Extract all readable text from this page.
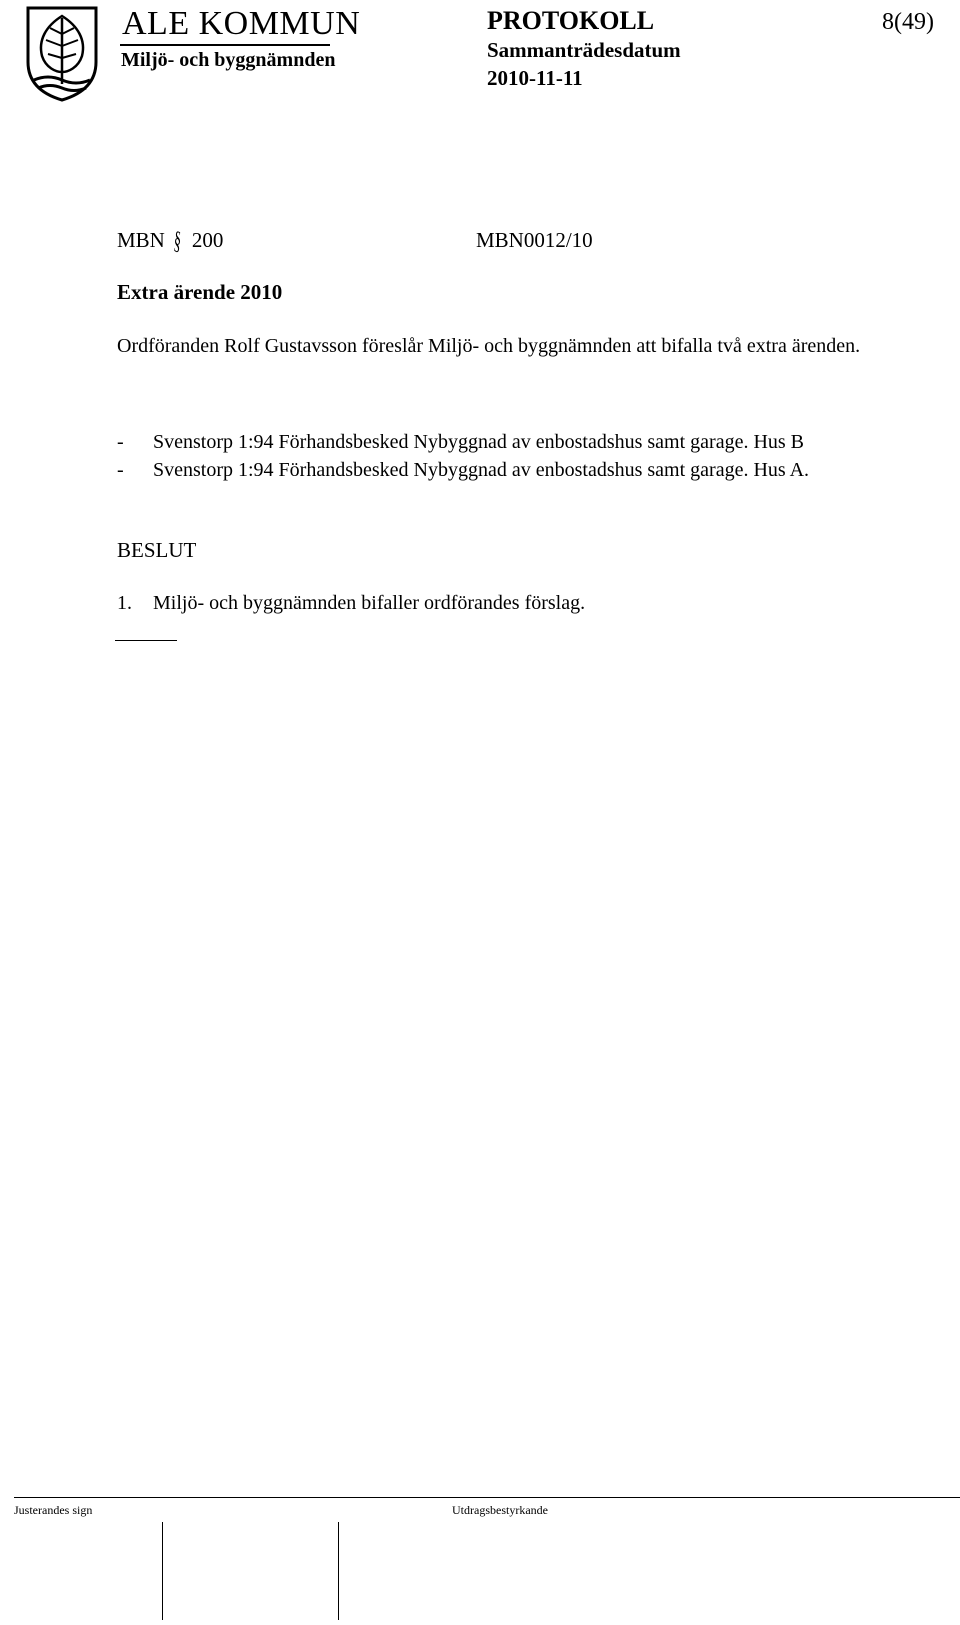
ALE KOMMUN
Miljö- och byggnämnden
PROTOKOLL
Sammanträdesdatum
2010-11-11
8(49)
MBN § 200	MBN0012/10
Extra ärende 2010
Ordföranden Rolf Gustavsson föreslår Miljö- och byggnämnden att bifalla två extra ärenden.
-	Svenstorp 1:94 Förhandsbesked Nybyggnad av enbostadshus samt garage. Hus B
-	Svenstorp 1:94 Förhandsbesked Nybyggnad av enbostadshus samt garage. Hus A.
BESLUT
1.	Miljö- och byggnämnden bifaller ordförandes förslag.
Justerandes sign	Utdragsbestyrkande
